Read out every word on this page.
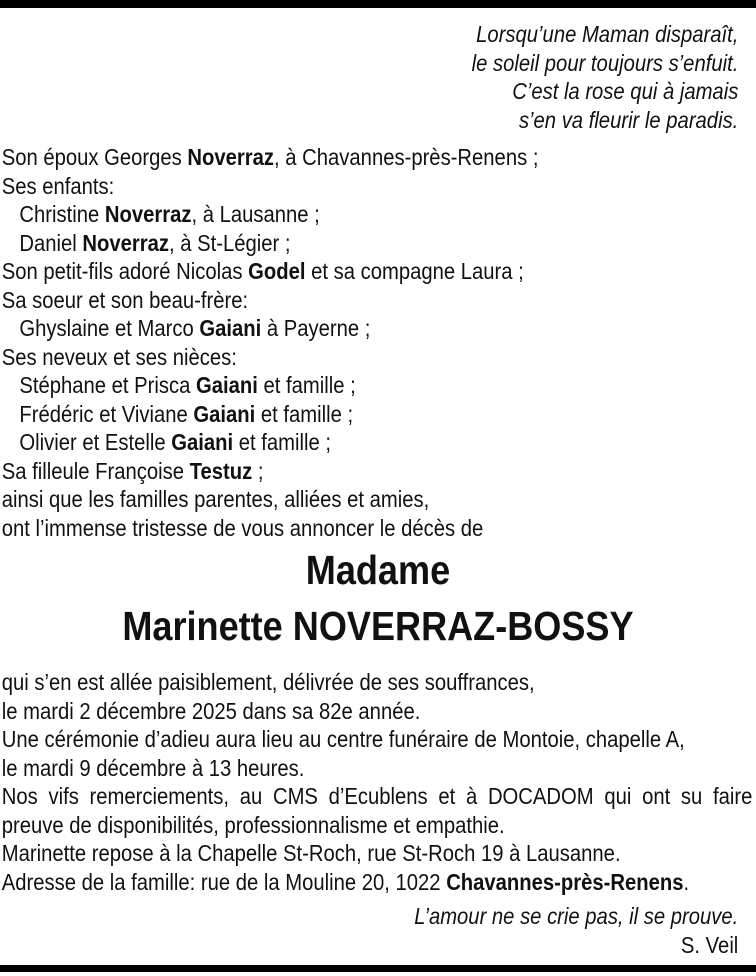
Lorsqu’une Maman disparaît,
le soleil pour toujours s’enfuit.
C’est la rose qui à jamais
s’en va fleurir le paradis.
Son époux Georges Noverraz, à Chavannes-près-Renens ;
Ses enfants:
Christine Noverraz, à Lausanne ;
Daniel Noverraz, à St-Légier ;
Son petit-fils adoré Nicolas Godel et sa compagne Laura ;
Sa soeur et son beau-frère:
Ghyslaine et Marco Gaiani à Payerne ;
Ses neveux et ses nièces:
Stéphane et Prisca Gaiani et famille ;
Frédéric et Viviane Gaiani et famille ;
Olivier et Estelle Gaiani et famille ;
Sa filleule Françoise Testuz ;
ainsi que les familles parentes, alliées et amies,
ont l’immense tristesse de vous annoncer le décès de
Madame
Marinette NOVERRAZ-BOSSY
qui s’en est allée paisiblement, délivrée de ses souffrances,
le mardi 2 décembre 2025 dans sa 82e année.
Une cérémonie d’adieu aura lieu au centre funéraire de Montoie, chapelle A,
le mardi 9 décembre à 13 heures.
Nos vifs remerciements, au CMS d’Ecublens et à DOCADOM qui ont su faire
preuve de disponibilités, professionnalisme et empathie.
Marinette repose à la Chapelle St-Roch, rue St-Roch 19 à Lausanne.
Adresse de la famille: rue de la Mouline 20, 1022 Chavannes-près-Renens.
L’amour ne se crie pas, il se prouve.
S. Veil
